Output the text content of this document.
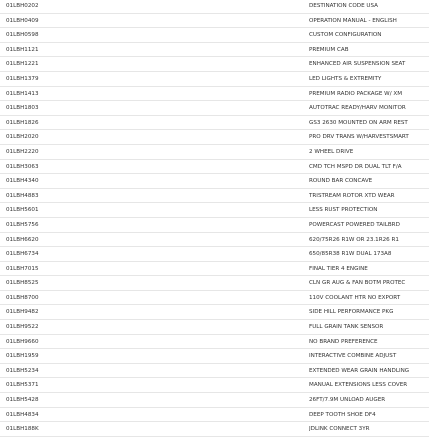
01LBH0202	DESTINATION CODE USA
01LBH0409	OPERATION MANUAL - ENGLISH
01LBH0598	CUSTOM CONFIGURATION
01LBH1121	PREMIUM CAB
01LBH1221	ENHANCED AIR SUSPENSION SEAT
01LBH1379	LED LIGHTS & EXTREMITY
01LBH1413	PREMIUM RADIO PACKAGE W/ XM
01LBH1803	AUTOTRAC READY/HARV MONITOR
01LBH1826	GS3 2630 MOUNTED ON ARM REST
01LBH2020	PRO DRV TRANS W/HARVESTSMART
01LBH2220	2 WHEEL DRIVE
01LBH3063	CMD TCH MSPD DR DUAL TLT F/A
01LBH4340	ROUND BAR CONCAVE
01LBH4883	TRISTREAM ROTOR XTD WEAR
01LBH5601	LESS RUST PROTECTION
01LBH5756	POWERCAST POWERED TAILBRD
01LBH6620	620/75R26 R1W OR 23.1R26 R1
01LBH6734	650/85R38 R1W DUAL 173A8
01LBH7015	FINAL TIER 4 ENGINE
01LBH8525	CLN GR AUG & FAN BOTM PROTEC
01LBH8700	110V COOLANT HTR NO EXPORT
01LBH9482	SIDE HILL PERFORMANCE PKG
01LBH9522	FULL GRAIN TANK SENSOR
01LBH9660	NO BRAND PREFERENCE
01LBH1959	INTERACTIVE COMBINE ADJUST
01LBH5234	EXTENDED WEAR GRAIN HANDLING
01LBH5371	MANUAL EXTENSIONS LESS COVER
01LBH5428	26FT/7.9M UNLOAD AUGER
01LBH4834	DEEP TOOTH SHOE DF4
01LBH188K	JDLINK CONNECT 3YR
